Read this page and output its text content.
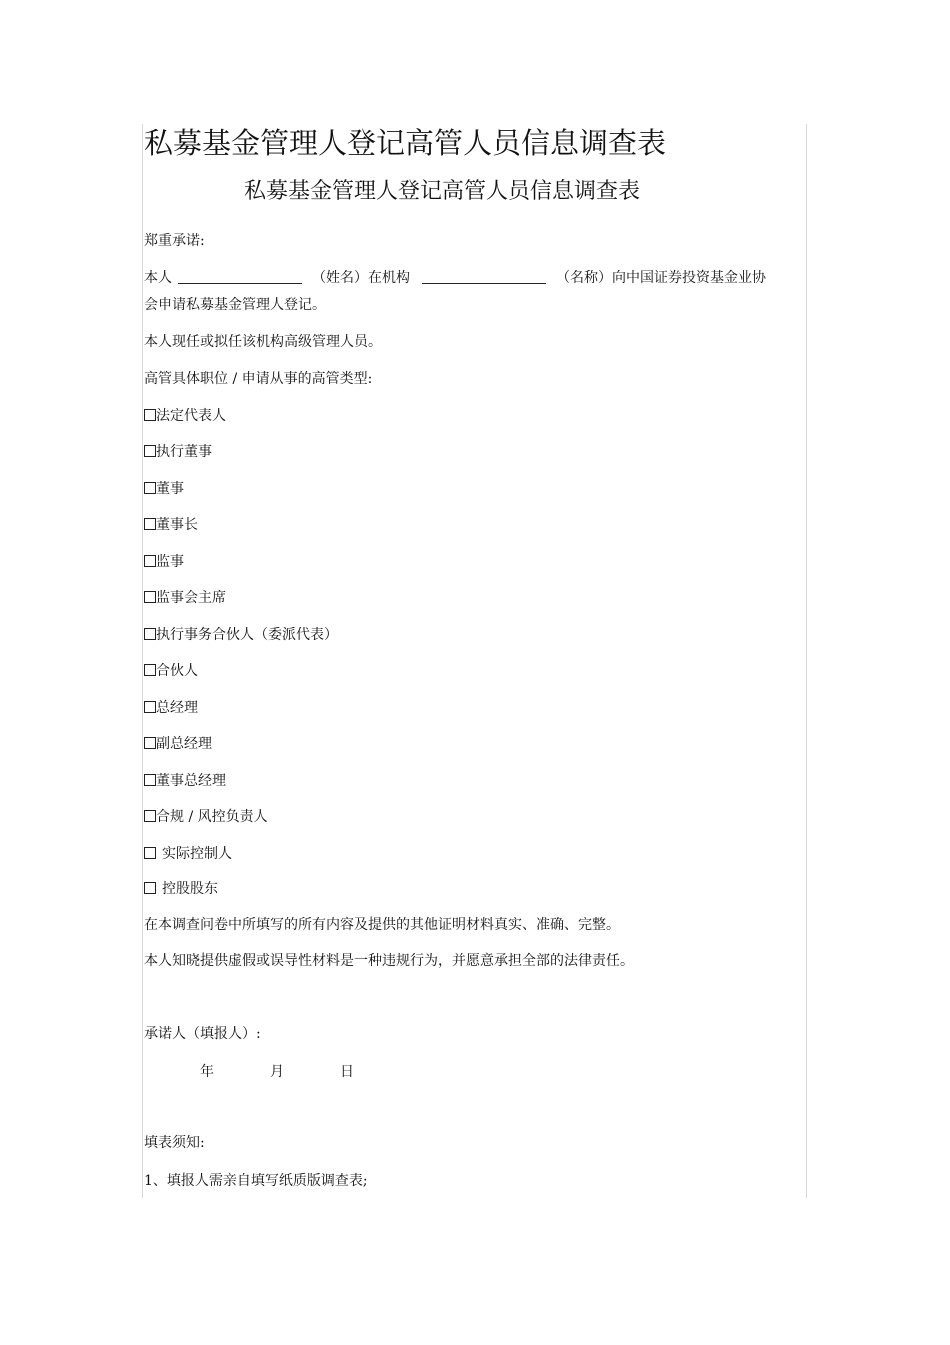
私募基金管理人登记高管人员信息调查表
私募基金管理人登记高管人员信息调查表
郑重承诺:
本人	（姓名）在机构	（名称）向中国证券投资基金业协
会申请私募基金管理人登记。
本人现任或拟任该机构高级管理人员。
高管具体职位 / 申请从事的高管类型:
法定代表人
执行董事
董事
董事长
监事
监事会主席
执行事务合伙人（委派代表）
合伙人
总经理
副总经理
董事总经理
合规 / 风控负责人
实际控制人
控股股东
在本调查问卷中所填写的所有内容及提供的其他证明材料真实、准确、完整。
本人知晓提供虚假或误导性材料是一种违规行为，并愿意承担全部的法律责任。
承诺人（填报人）:
年	月	日
填表须知:
1、填报人需亲自填写纸质版调查表;
